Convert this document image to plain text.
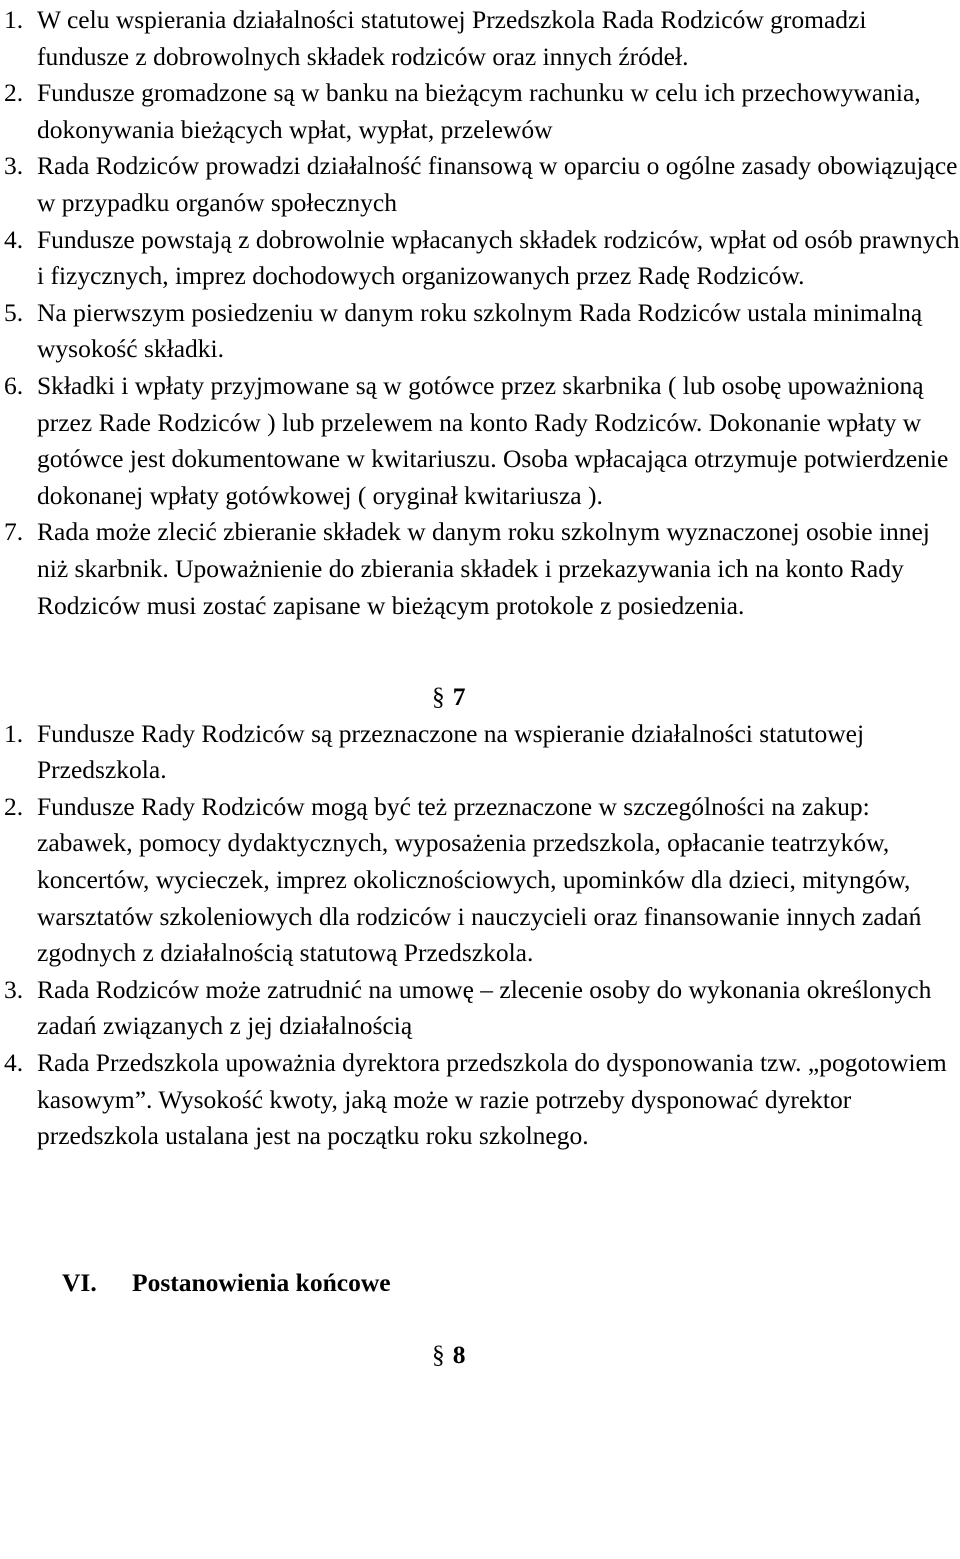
1. W celu wspierania działalności statutowej Przedszkola Rada Rodziców gromadzi fundusze z dobrowolnych składek rodziców oraz innych źródeł.
2. Fundusze gromadzone są w banku na bieżącym rachunku w celu ich przechowywania, dokonywania bieżących wpłat, wypłat, przelewów
3. Rada Rodziców prowadzi działalność finansową w oparciu o ogólne zasady obowiązujące w przypadku organów społecznych
4. Fundusze powstają z dobrowolnie wpłacanych składek rodziców, wpłat od osób prawnych i fizycznych, imprez dochodowych organizowanych przez Radę Rodziców.
5. Na pierwszym posiedzeniu w danym roku szkolnym Rada Rodziców ustala minimalną wysokość składki.
6. Składki i wpłaty przyjmowane są w gotówce przez skarbnika ( lub osobę upoważnioną przez Rade Rodziców ) lub przelewem na konto Rady Rodziców. Dokonanie wpłaty w gotówce jest dokumentowane w kwitariuszu. Osoba wpłacająca otrzymuje potwierdzenie dokonanej wpłaty gotówkowej ( oryginał kwitariusza ).
7. Rada może zlecić zbieranie składek w danym roku szkolnym wyznaczonej osobie innej niż skarbnik. Upoważnienie do zbierania składek i przekazywania ich na konto Rady Rodziców musi zostać zapisane w bieżącym protokole z posiedzenia.
§ 7
1. Fundusze Rady Rodziców są przeznaczone na wspieranie działalności statutowej Przedszkola.
2. Fundusze Rady Rodziców mogą być też przeznaczone w szczególności na zakup: zabawek, pomocy dydaktycznych, wyposażenia przedszkola, opłacanie teatrzyków, koncertów, wycieczek, imprez okolicznościowych, upominków dla dzieci, mityngów, warsztatów szkoleniowych dla rodziców i nauczycieli oraz finansowanie innych zadań zgodnych z działalnością statutową Przedszkola.
3. Rada Rodziców może zatrudnić na umowę – zlecenie osoby do wykonania określonych zadań związanych z jej działalnością
4. Rada Przedszkola upoważnia dyrektora przedszkola do dysponowania tzw. „pogotowiem kasowym”. Wysokość kwoty, jaką może w razie potrzeby dysponować dyrektor przedszkola ustalana jest na początku roku szkolnego.
VI. Postanowienia końcowe
§ 8
